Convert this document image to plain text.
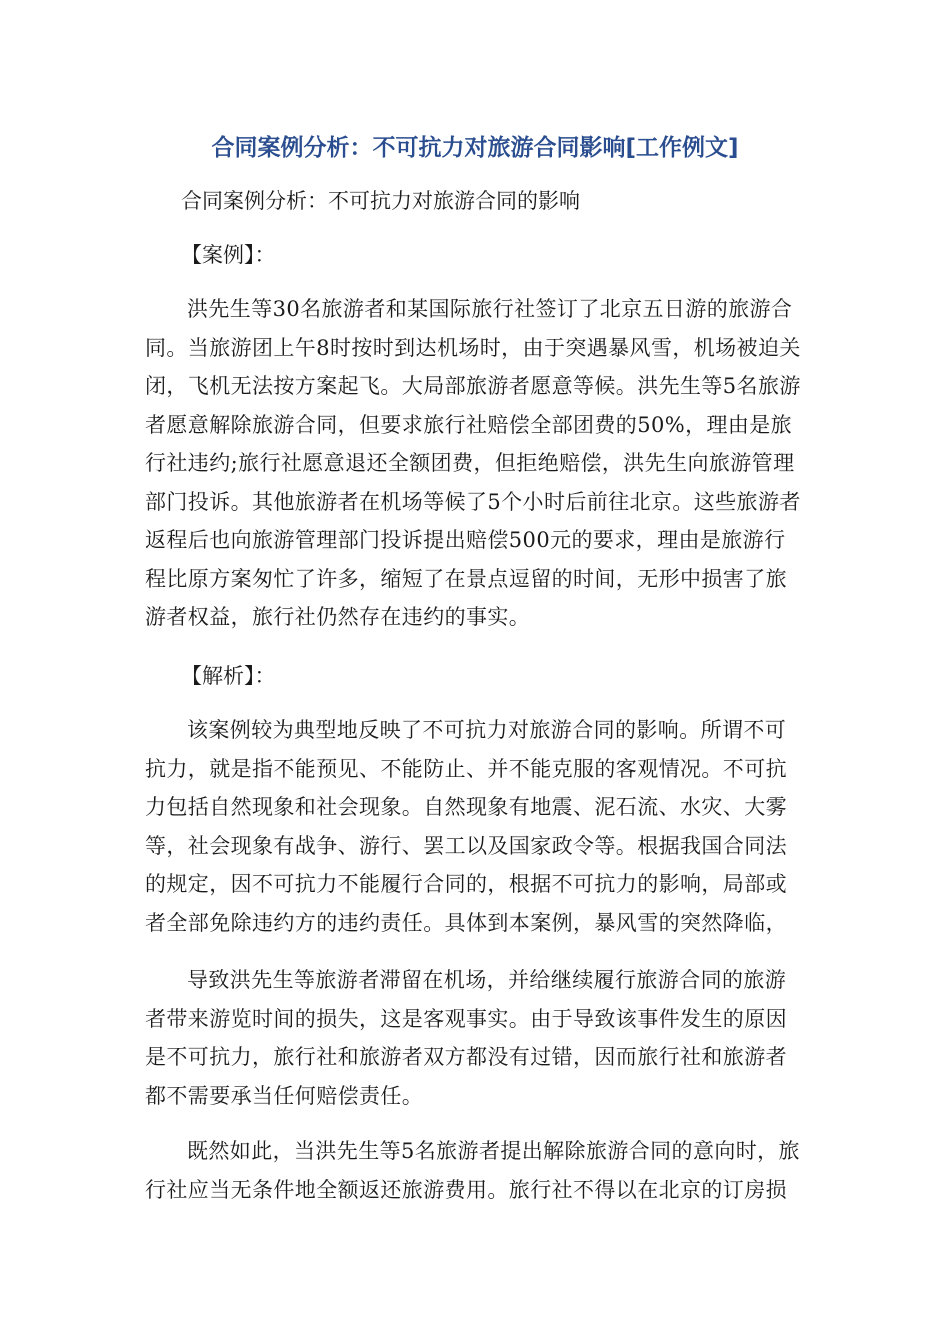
合同案例分析：不可抗力对旅游合同影响[工作例文]
合同案例分析：不可抗力对旅游合同的影响
【案例】：

洪先生等30名旅游者和某国际旅行社签订了北京五日游的旅游合同。当旅游团上午8时按时到达机场时，由于突遇暴风雪，机场被迫关闭，飞机无法按方案起飞。大局部旅游者愿意等候。洪先生等5名旅游者愿意解除旅游合同，但要求旅行社赔偿全部团费的50%，理由是旅行社违约;旅行社愿意退还全额团费，但拒绝赔偿，洪先生向旅游管理部门投诉。其他旅游者在机场等候了5个小时后前往北京。这些旅游者返程后也向旅游管理部门投诉提出赔偿500元的要求，理由是旅游行程比原方案匆忙了许多，缩短了在景点逗留的时间，无形中损害了旅游者权益，旅行社仍然存在违约的事实。

【解析】：

该案例较为典型地反映了不可抗力对旅游合同的影响。所谓不可抗力，就是指不能预见、不能防止、并不能克服的客观情况。不可抗力包括自然现象和社会现象。自然现象有地震、泥石流、水灾、大雾等，社会现象有战争、游行、罢工以及国家政令等。根据我国合同法的规定，因不可抗力不能履行合同的，根据不可抗力的影响，局部或者全部免除违约方的违约责任。具体到本案例，暴风雪的突然降临，

导致洪先生等旅游者滞留在机场，并给继续履行旅游合同的旅游者带来游览时间的损失，这是客观事实。由于导致该事件发生的原因是不可抗力，旅行社和旅游者双方都没有过错，因而旅行社和旅游者都不需要承当任何赔偿责任。

既然如此，当洪先生等5名旅游者提出解除旅游合同的意向时，旅行社应当无条件地全额返还旅游费用。旅行社不得以在北京的订房损
